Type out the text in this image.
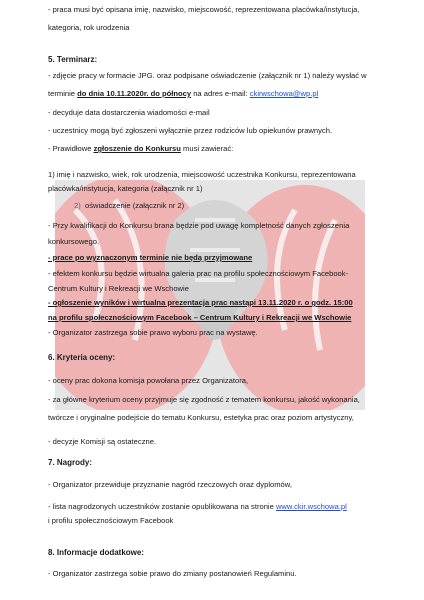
- praca musi być opisana imię, nazwisko, miejscowość, reprezentowana placówka/instytucja,
kategoria, rok urodzenia
5. Terminarz:
- zdjęcie pracy w formacie JPG. oraz podpisane oświadczenie (załącznik nr 1) należy wysłać w
terminie do dnia 10.11.2020r. do północy na adres e-mail: ckirwschowa@wp.pl
- decyduje data dostarczenia wiadomości e-mail
- uczestnicy mogą być zgłoszeni wyłącznie przez rodziców lub opiekunów prawnych.
- Prawidłowe zgłoszenie do Konkursu musi zawierać:
1) imię i nazwisko, wiek, rok urodzenia, miejscowość uczestnika Konkursu, reprezentowana
placówka/instytucja, kategoria (załącznik nr 1)
2) oświadczenie (załącznik nr 2)
- Przy kwalifikacji do Konkursu brana będzie pod uwagę kompletność danych zgłoszenia
konkursowego.
- prace po wyznaczonym terminie nie będą przyjmowane
- efektem konkursu będzie wirtualna galeria prac na profilu społecznościowym Facebook-
Centrum Kultury i Rekreacji we Wschowie
- ogłoszenie wyników i wirtualna prezentacja prac nastąpi 13.11.2020 r. o godz. 15:00
na profilu społecznościowym Facebook – Centrum Kultury i Rekreacji we Wschowie
- Organizator zastrzega sobie prawo wyboru prac na wystawę.
6. Kryteria oceny:
- oceny prac dokona komisja powołana przez Organizatora,
- za główne kryterium oceny przyjmuje się zgodność z tematem konkursu, jakość wykonania,
twórcze i oryginalne podejście do tematu Konkursu, estetyka prac oraz poziom artystyczny,
- decyzje Komisji są ostateczne.
7. Nagrody:
- Organizator przewiduje przyznanie nagród rzeczowych oraz dyplomów,
- lista nagrodzonych uczestników zostanie opublikowana na stronie www.ckir.wschowa.pl
i profilu społecznościowym Facebook
8. Informacje dodatkowe:
- Organizator zastrzega sobie prawo do zmiany postanowień Regulaminu.
